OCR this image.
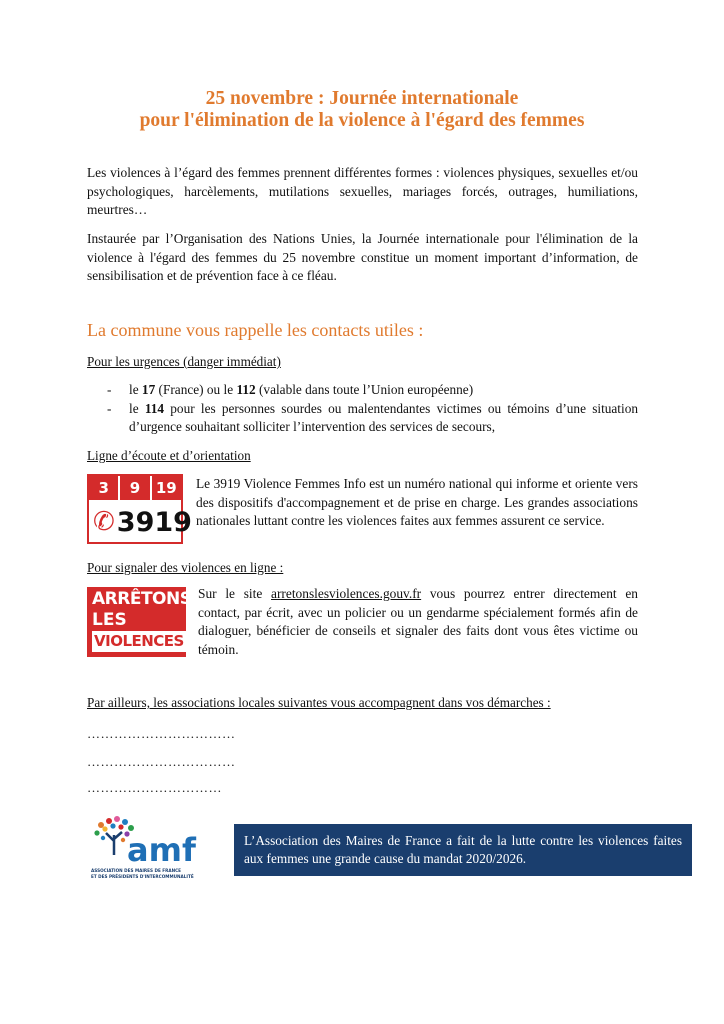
25 novembre : Journée internationale
pour l'élimination de la violence à l'égard des femmes

Les violences à l’égard des femmes prennent différentes formes : violences physiques, sexuelles et/ou psychologiques, harcèlements, mutilations sexuelles, mariages forcés, outrages, humiliations, meurtres…

Instaurée par l’Organisation des Nations Unies, la Journée internationale pour l'élimination de la violence à l'égard des femmes du 25 novembre constitue un moment important d’information, de sensibilisation et de prévention face à ce fléau.

La commune vous rappelle les contacts utiles :
Pour les urgences (danger immédiat)
- le 17 (France) ou le 112 (valable dans toute l’Union européenne)
- le 114 pour les personnes sourdes ou malentendantes victimes ou témoins d’une situation d’urgence souhaitant solliciter l’intervention des services de secours,
Ligne d’écoute et d’orientation
3	9	19
✆ 3919

Le 3919 Violence Femmes Info est un numéro national qui informe et oriente vers des dispositifs d'accompagnement et de prise en charge. Les grandes associations nationales luttant contre les violences faites aux femmes assurent ce service.

Pour signaler des violences en ligne :
ARRÊTONS
LES
VIOLENCES

Sur le site arretonslesviolences.gouv.fr vous pourrez entrer directement en contact, par écrit, avec un policier ou un gendarme spécialement formés afin de dialoguer, bénéficier de conseils et signaler des faits dont vous êtes victime ou témoin.

Par ailleurs, les associations locales suivantes vous accompagnent dans vos démarches :
……………………………
……………………………
…………………………
amf
ASSOCIATION DES MAIRES DE FRANCE
ET DES PRÉSIDENTS D'INTERCOMMUNALITÉ
L’Association des Maires de France a fait de la lutte contre les violences faites aux femmes une grande cause du mandat 2020/2026.
